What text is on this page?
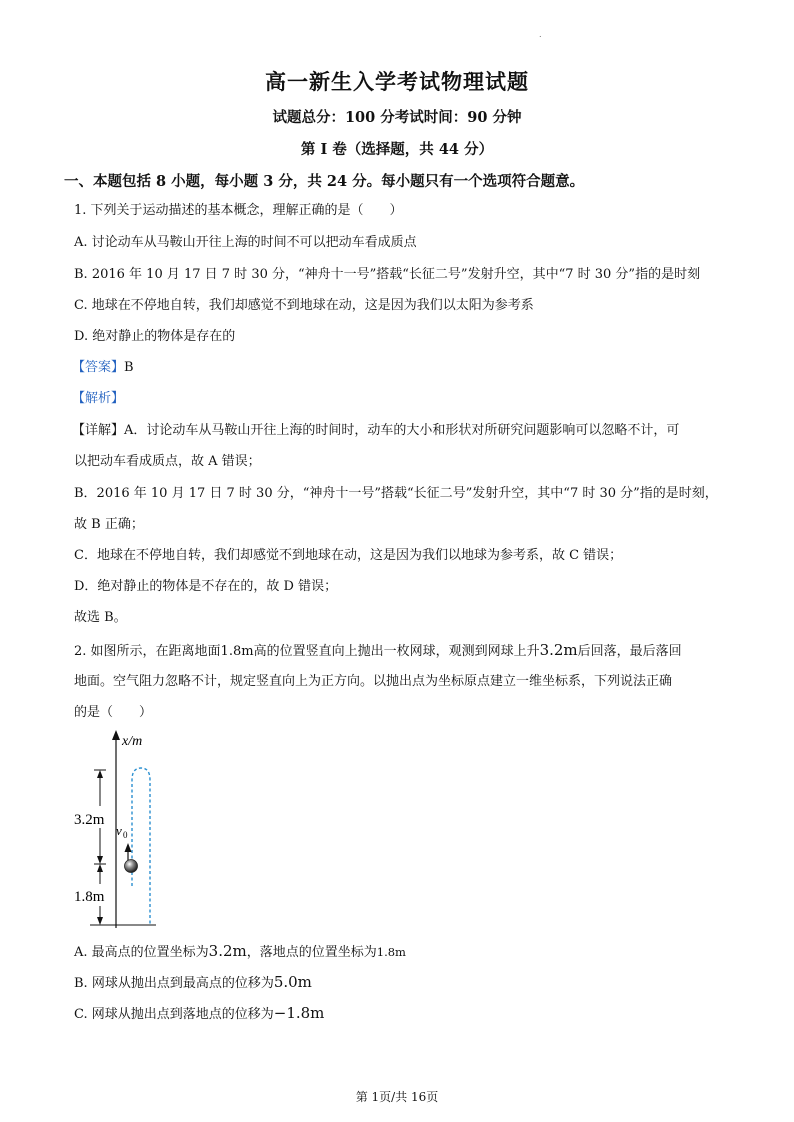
.
高一新生入学考试物理试题
试题总分：100 分考试时间：90 分钟
第 Ⅰ 卷（选择题，共 44 分）
一、本题包括 8 小题，每小题 3 分，共 24 分。每小题只有一个选项符合题意。
1. 下列关于运动描述的基本概念，理解正确的是（　　）
A. 讨论动车从马鞍山开往上海的时间不可以把动车看成质点
B. 2016 年 10 月 17 日 7 时 30 分，“神舟十一号”搭载“长征二号”发射升空，其中“7 时 30 分”指的是时刻
C. 地球在不停地自转，我们却感觉不到地球在动，这是因为我们以太阳为参考系
D. 绝对静止的物体是存在的
【答案】B
【解析】
【详解】A．讨论动车从马鞍山开往上海的时间时，动车的大小和形状对所研究问题影响可以忽略不计，可
以把动车看成质点，故 A 错误；
B．2016 年 10 月 17 日 7 时 30 分，“神舟十一号”搭载“长征二号”发射升空，其中“7 时 30 分”指的是时刻，
故 B 正确；
C．地球在不停地自转，我们却感觉不到地球在动，这是因为我们以地球为参考系，故 C 错误；
D．绝对静止的物体是不存在的，故 D 错误；
故选 B。
2. 如图所示，在距离地面1.8m高的位置竖直向上抛出一枚网球，观测到网球上升3.2m后回落，最后落回
地面。空气阻力忽略不计，规定竖直向上为正方向。以抛出点为坐标原点建立一维坐标系，下列说法正确
的是（　　）
x/m
3.2m
1.8m
v 0
A. 最高点的位置坐标为3.2m，落地点的位置坐标为1.8m
B. 网球从抛出点到最高点的位移为5.0m
C. 网球从抛出点到落地点的位移为−1.8m
第 1页/共 16页
